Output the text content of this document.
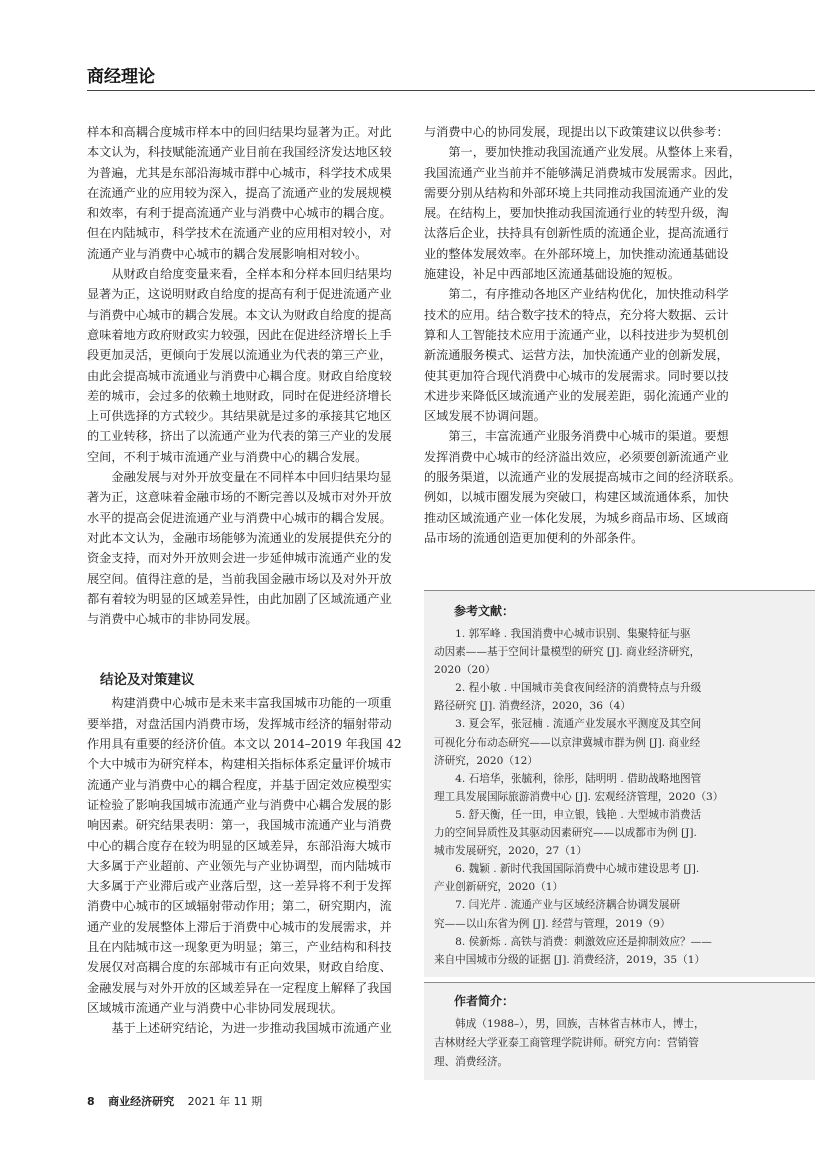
商经理论
样本和高耦合度城市样本中的回归结果均显著为正。对此
本文认为，科技赋能流通产业目前在我国经济发达地区较
为普遍，尤其是东部沿海城市群中心城市，科学技术成果
在流通产业的应用较为深入，提高了流通产业的发展规模
和效率，有利于提高流通产业与消费中心城市的耦合度。
但在内陆城市，科学技术在流通产业的应用相对较小，对
流通产业与消费中心城市的耦合发展影响相对较小。
　　从财政自给度变量来看，全样本和分样本回归结果均
显著为正，这说明财政自给度的提高有利于促进流通产业
与消费中心城市的耦合发展。本文认为财政自给度的提高
意味着地方政府财政实力较强，因此在促进经济增长上手
段更加灵活，更倾向于发展以流通业为代表的第三产业，
由此会提高城市流通业与消费中心耦合度。财政自给度较
差的城市，会过多的依赖土地财政，同时在促进经济增长
上可供选择的方式较少。其结果就是过多的承接其它地区
的工业转移，挤出了以流通产业为代表的第三产业的发展
空间，不利于城市流通产业与消费中心的耦合发展。
　　金融发展与对外开放变量在不同样本中回归结果均显
著为正，这意味着金融市场的不断完善以及城市对外开放
水平的提高会促进流通产业与消费中心城市的耦合发展。
对此本文认为，金融市场能够为流通业的发展提供充分的
资金支持，而对外开放则会进一步延伸城市流通产业的发
展空间。值得注意的是，当前我国金融市场以及对外开放
都有着较为明显的区域差异性，由此加剧了区域流通产业
与消费中心城市的非协同发展。
结论及对策建议
　　构建消费中心城市是未来丰富我国城市功能的一项重
要举措，对盘活国内消费市场，发挥城市经济的辐射带动
作用具有重要的经济价值。本文以 2014–2019 年我国 42
个大中城市为研究样本，构建相关指标体系定量评价城市
流通产业与消费中心的耦合程度，并基于固定效应模型实
证检验了影响我国城市流通产业与消费中心耦合发展的影
响因素。研究结果表明：第一，我国城市流通产业与消费
中心的耦合度存在较为明显的区域差异，东部沿海大城市
大多属于产业超前、产业领先与产业协调型，而内陆城市
大多属于产业滞后或产业落后型，这一差异将不利于发挥
消费中心城市的区域辐射带动作用；第二，研究期内，流
通产业的发展整体上滞后于消费中心城市的发展需求，并
且在内陆城市这一现象更为明显；第三，产业结构和科技
发展仅对高耦合度的东部城市有正向效果，财政自给度、
金融发展与对外开放的区域差异在一定程度上解释了我国
区域城市流通产业与消费中心非协同发展现状。
　　基于上述研究结论，为进一步推动我国城市流通产业
与消费中心的协同发展，现提出以下政策建议以供参考：
　　第一，要加快推动我国流通产业发展。从整体上来看，
我国流通产业当前并不能够满足消费城市发展需求。因此，
需要分别从结构和外部环境上共同推动我国流通产业的发
展。在结构上，要加快推动我国流通行业的转型升级，淘
汰落后企业，扶持具有创新性质的流通企业，提高流通行
业的整体发展效率。在外部环境上，加快推动流通基础设
施建设，补足中西部地区流通基础设施的短板。
　　第二，有序推动各地区产业结构优化，加快推动科学
技术的应用。结合数字技术的特点，充分将大数据、云计
算和人工智能技术应用于流通产业，以科技进步为契机创
新流通服务模式、运营方法，加快流通产业的创新发展，
使其更加符合现代消费中心城市的发展需求。同时要以技
术进步来降低区域流通产业的发展差距，弱化流通产业的
区域发展不协调问题。
　　第三，丰富流通产业服务消费中心城市的渠道。要想
发挥消费中心城市的经济溢出效应，必须要创新流通产业
的服务渠道，以流通产业的发展提高城市之间的经济联系。
例如，以城市圈发展为突破口，构建区域流通体系，加快
推动区域流通产业一体化发展，为城乡商品市场、区域商
品市场的流通创造更加便利的外部条件。
参考文献：
　　1. 郭军峰 . 我国消费中心城市识别、集聚特征与驱
动因素——基于空间计量模型的研究 [J]. 商业经济研究，
2020（20）
　　2. 程小敏 . 中国城市美食夜间经济的消费特点与升级
路径研究 [J]. 消费经济，2020，36（4）
　　3. 夏会军，张冠楠 . 流通产业发展水平测度及其空间
可视化分布动态研究——以京津冀城市群为例 [J]. 商业经
济研究，2020（12）
　　4. 石培华，张毓利，徐彤，陆明明 . 借助战略地图管
理工具发展国际旅游消费中心 [J]. 宏观经济管理，2020（3）
　　5. 舒天衡，任一田，申立银，钱艳 . 大型城市消费活
力的空间异质性及其驱动因素研究——以成都市为例 [J].
城市发展研究，2020，27（1）
　　6. 魏颖 . 新时代我国国际消费中心城市建设思考 [J].
产业创新研究，2020（1）
　　7. 闫光芹 . 流通产业与区域经济耦合协调发展研
究——以山东省为例 [J]. 经营与管理，2019（9）
　　8. 侯新烁 . 高铁与消费：刺激效应还是抑制效应？——
来自中国城市分级的证据 [J]. 消费经济，2019，35（1）
作者简介：
　　韩成（1988–），男，回族，吉林省吉林市人，博士，
吉林财经大学亚泰工商管理学院讲师。研究方向：营销管
理、消费经济。
8 商业经济研究 2021 年 11 期
